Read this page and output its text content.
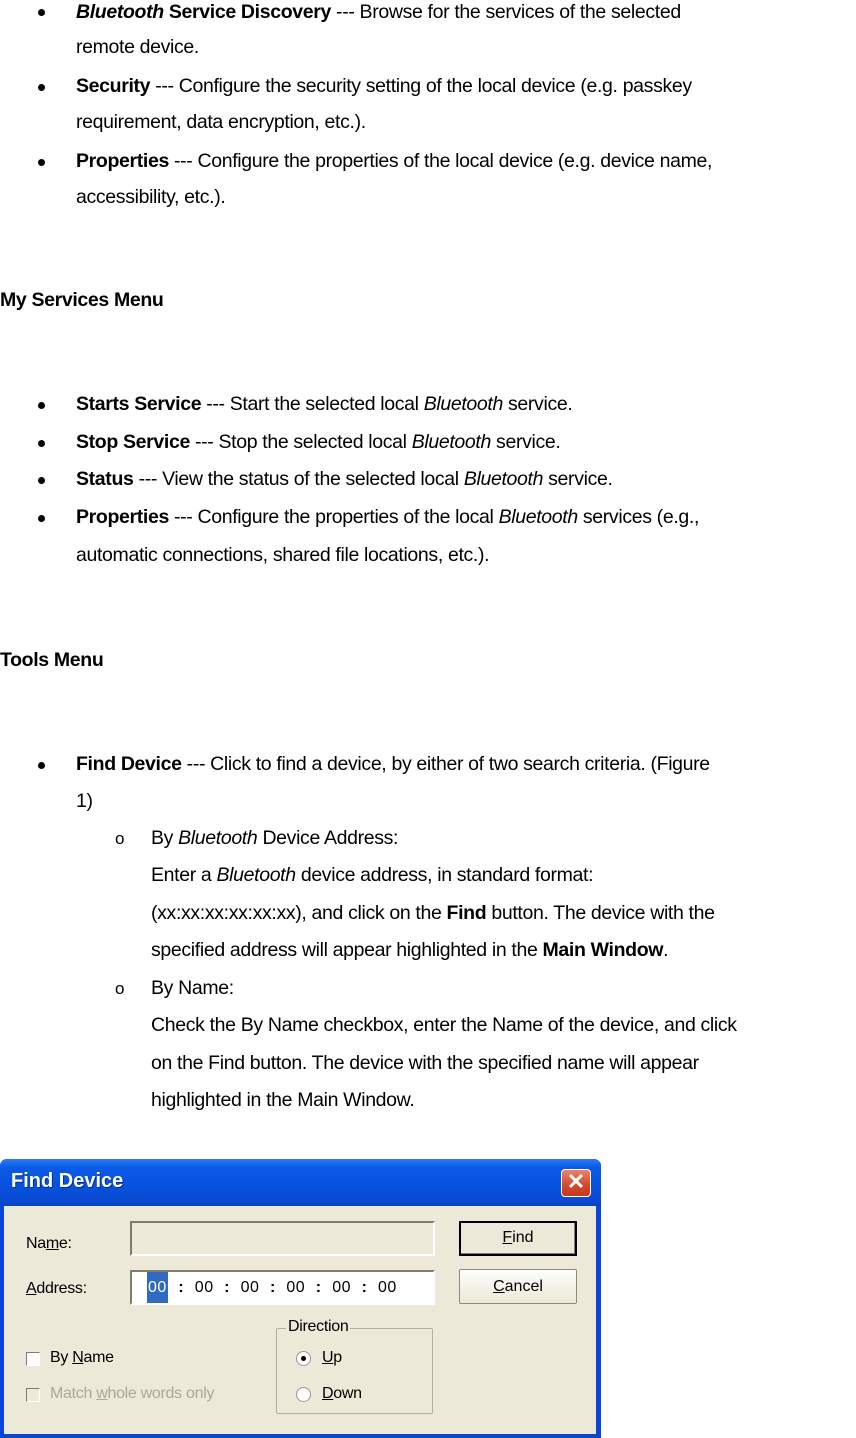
Bluetooth Service Discovery --- Browse for the services of the selected
remote device.
Security --- Configure the security setting of the local device (e.g. passkey
requirement, data encryption, etc.).
Properties --- Configure the properties of the local device (e.g. device name,
accessibility, etc.).
My Services Menu
Starts Service --- Start the selected local Bluetooth service.
Stop Service --- Stop the selected local Bluetooth service.
Status --- View the status of the selected local Bluetooth service.
Properties --- Configure the properties of the local Bluetooth services (e.g.,
automatic connections, shared file locations, etc.).
Tools Menu
Find Device --- Click to find a device, by either of two search criteria. (Figure
1)
o By Bluetooth Device Address:
Enter a Bluetooth device address, in standard format:
(xx:xx:xx:xx:xx:xx), and click on the Find button. The device with the
specified address will appear highlighted in the Main Window.
o By Name:
Check the By Name checkbox, enter the Name of the device, and click
on the Find button. The device with the specified name will appear
highlighted in the Main Window.
Find Device	✕
Name:
Address:	00 : 00 : 00 : 00 : 00 : 00
Find
Cancel
By Name
Match whole words only
Direction
Up
Down
